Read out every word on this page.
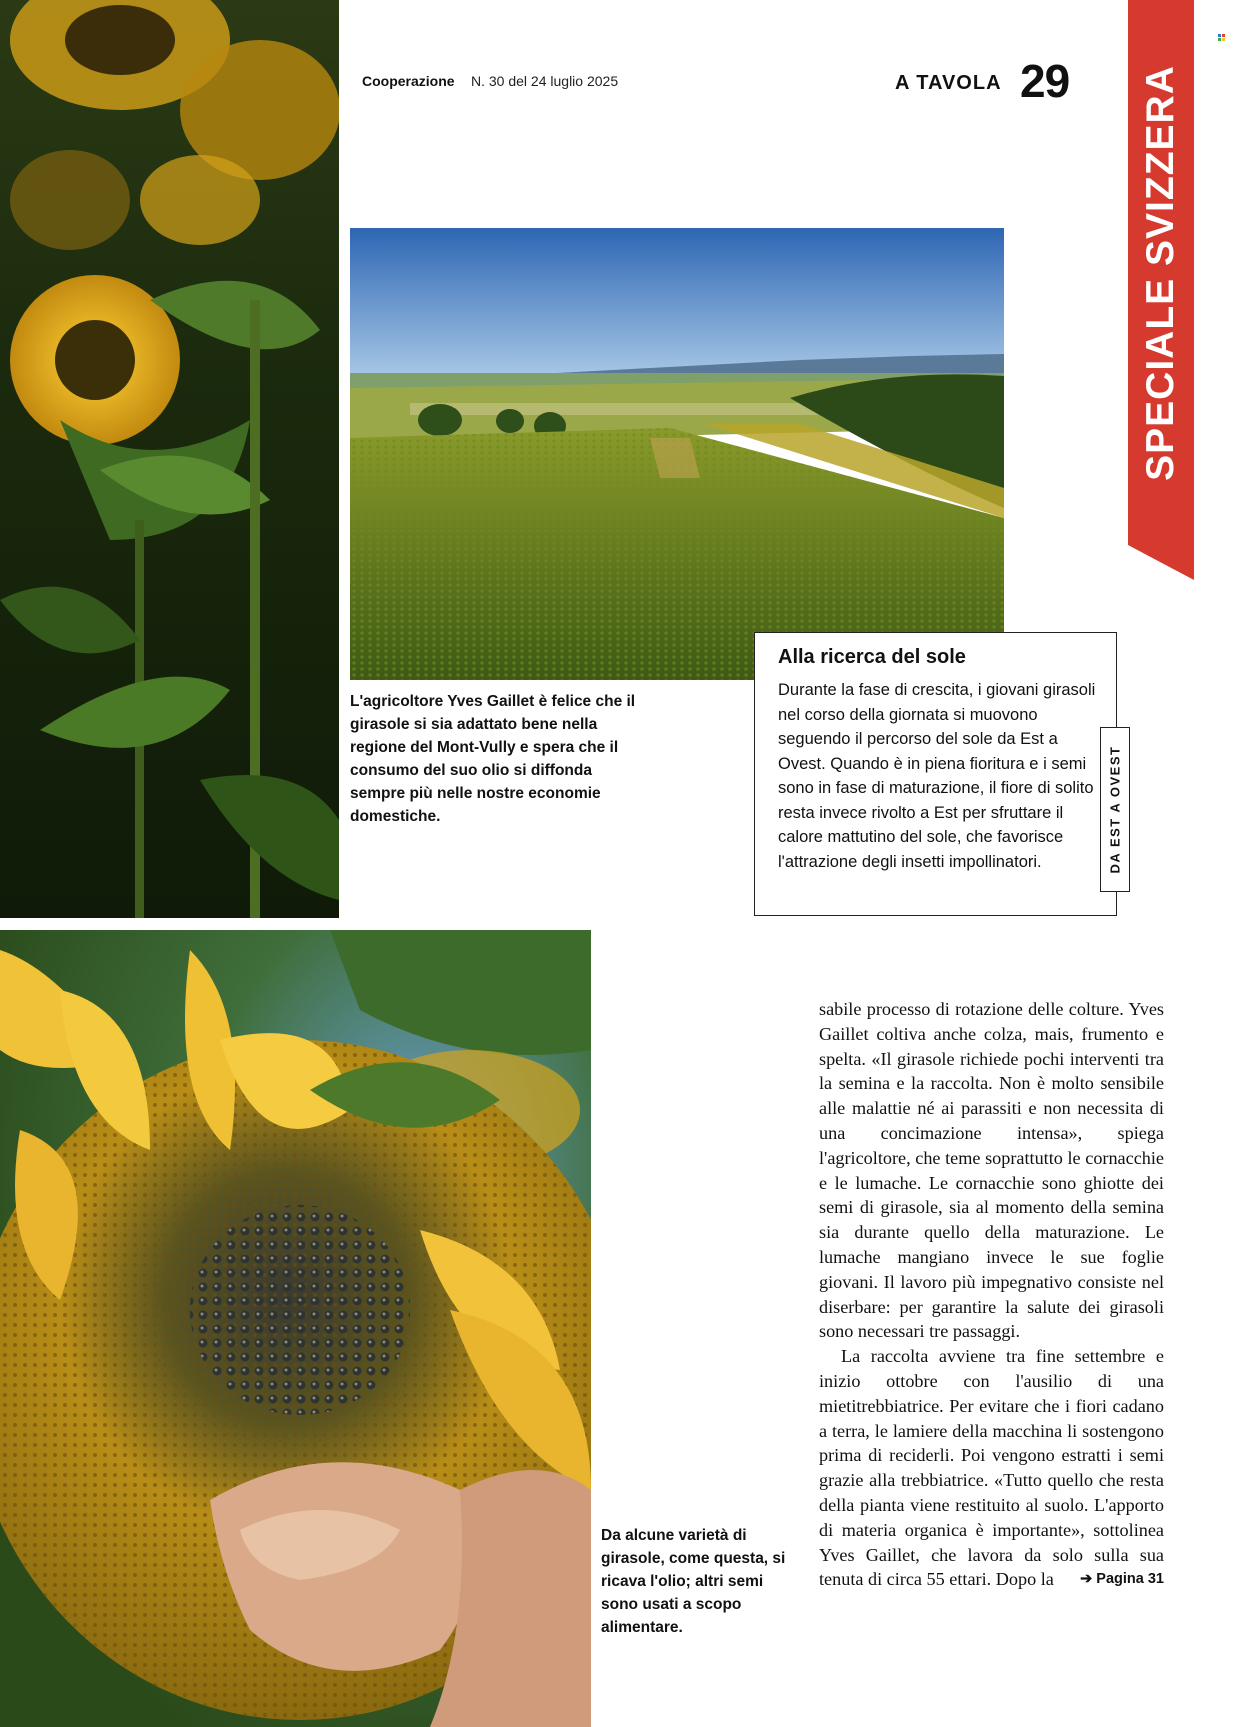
Cooperazione N. 30 del 24 luglio 2025	A TAVOLA 29 SPECIALE SVIZZERA
L'agricoltore Yves Gaillet è felice che il girasole si sia adattato bene nella regione del Mont-Vully e spera che il consumo del suo olio si diffonda sempre più nelle nostre economie domestiche.
Alla ricerca del sole
Durante la fase di crescita, i giovani girasoli nel corso della giornata si muovono seguendo il percorso del sole da Est a Ovest. Quando è in piena fioritura e i semi sono in fase di maturazione, il fiore di solito resta invece rivolto a Est per sfruttare il calore mattutino del sole, che favorisce l'attrazione degli insetti impollinatori.	DA EST A OVEST
Da alcune varietà di girasole, come questa, si ricava l'olio; altri semi sono usati a scopo alimentare.

sabile processo di rotazione delle colture. Yves Gaillet coltiva anche colza, mais, frumento e spelta. «Il girasole richiede pochi interventi tra la semina e la raccolta. Non è molto sensibile alle malattie né ai parassiti e non necessita di una concimazione intensa», spiega l'agricoltore, che teme soprattutto le cornacchie e le lumache. Le cornacchie sono ghiotte dei semi di girasole, sia al momento della semina sia durante quello della maturazione. Le lumache mangiano invece le sue foglie giovani. Il lavoro più impegnativo consiste nel diserbare: per garantire la salute dei girasoli sono necessari tre passaggi.

La raccolta avviene tra fine settembre e inizio ottobre con l'ausilio di una mietitrebbiatrice. Per evitare che i fiori cadano a terra, le lamiere della macchina li sostengono prima di reciderli. Poi vengono estratti i semi grazie alla trebbiatrice. «Tutto quello che resta della pianta viene restituito al suolo. L'apporto di materia organica è importante», sottolinea Yves Gaillet, che lavora da solo sulla sua tenuta di circa 55 ettari. Dopo la	➔ Pagina 31
